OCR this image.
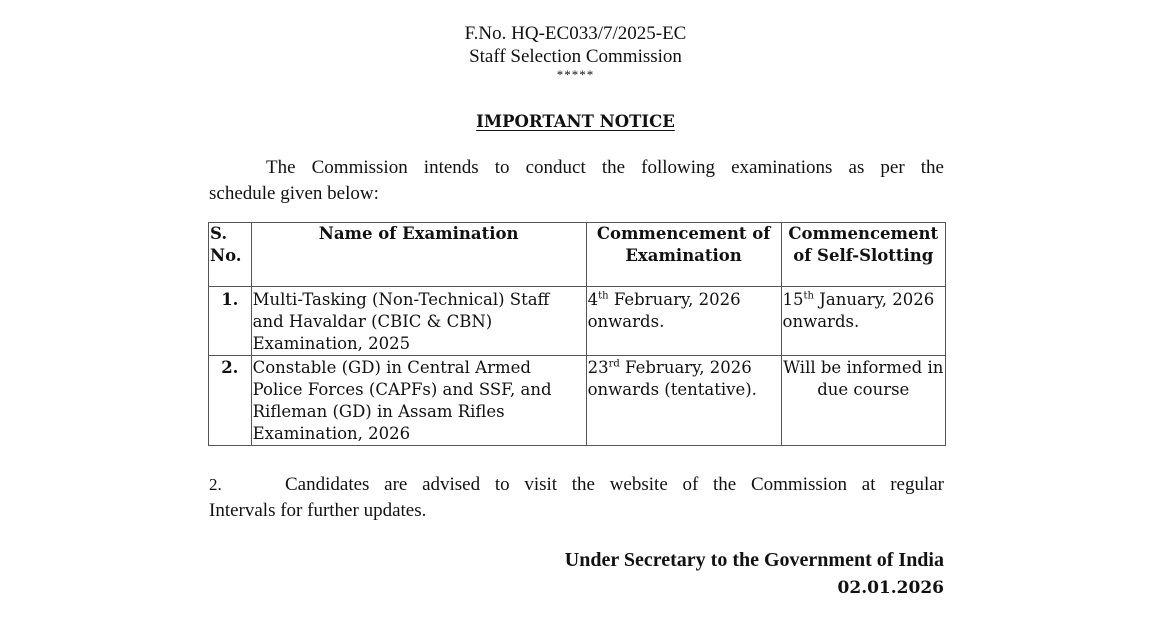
F.No. HQ-EC033/7/2025-EC
Staff Selection Commission
*****
IMPORTANT NOTICE
The Commission intends to conduct the following examinations as per the
schedule given below:
S. No.	Name of Examination	Commencement of Examination	Commencement of Self-Slotting
1.	Multi-Tasking (Non-Technical) Staff and Havaldar (CBIC & CBN) Examination, 2025	4th February, 2026 onwards.	15th January, 2026 onwards.
2.	Constable (GD) in Central Armed Police Forces (CAPFs) and SSF, and Rifleman (GD) in Assam Rifles Examination, 2026	23rd February, 2026 onwards (tentative).	Will be informed in due course
2.	Candidates are advised to visit the website of the Commission at regular
Intervals for further updates.
Under Secretary to the Government of India
02.01.2026
